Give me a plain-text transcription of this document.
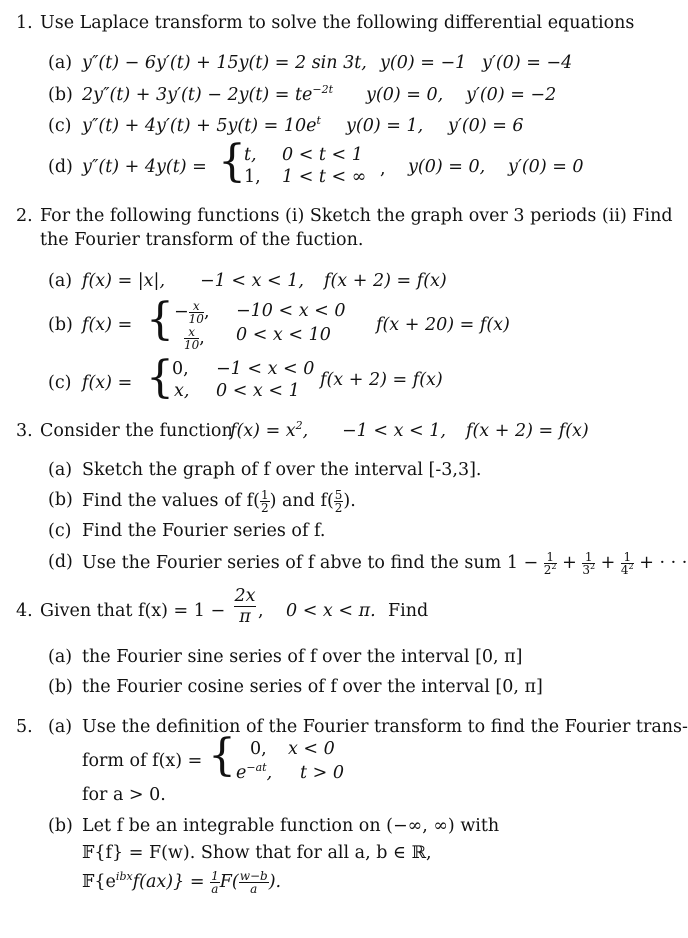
1. Use Laplace transform to solve the following differential equations
(a) y″(t) − 6y′(t) + 15y(t) = 2 sin 3t, y(0) = −1 y′(0) = −4
(b) $2y''(t) + 3y'(t) - 2y(t) = te^{-2t}$ y(0) = 0, y′(0) = −2
(c) $y''(t) + 4y'(t) + 5y(t) = 10e^t$ y(0) = 1, y′(0) = 6
(d) y″(t) + 4y(t) = {
t, 0 < t < 1
1, 1 < t < ∞ , y(0) = 0, y′(0) = 0
2. For the following functions (i) Sketch the graph over 3 periods (ii) Find
the Fourier transform of the fuction.
(a) f(x) = |x|, −1 < x < 1, f(x + 2) = f(x)
(b) f(x) = { − $\frac{x}{10}$ , −10 < x < 0
$\frac{x}{10}$ , 0 < x < 10	f(x + 20) = f(x)
(c) f(x) = {
0, −1 < x < 0
x, 0 < x < 1
f(x + 2) = f(x)
3. Consider the function
$f(x) = x^2$, −1 < x < 1, f(x + 2) = f(x)
(a) Sketch the graph of f over the interval [-3,3].
(b) Find the values of $f( \frac{1}{2}$ ) and $f( \frac{5}{2}$ ).
(c) Find the Fourier series of f.
(d) Use the Fourier series of f abve to find the sum $1 - \frac{1}{2^2} + \frac{1}{3^2} + \frac{1}{4^2}$ + · · ·
4. Given that $f(x) = 1 - \frac{2x}{\pi}$ , 0 < x < π. Find
(a) the Fourier sine series of f over the interval [0, π]
(b) the Fourier cosine series of f over the interval [0, π]
5. (a) Use the definition of the Fourier transform to find the Fourier trans-
form of f(x) = { 0, x < 0
$e^{-at}$, t > 0
for a > 0.
(b) Let f be an integrable function on (−∞, ∞) with
𝔽{f} = F(w). Show that for all a, b ∈ ℝ,
$𝔽\{e^{ibx}f(ax)\} = \frac{1}{a} F( \frac{w-b}{a}$ ).
